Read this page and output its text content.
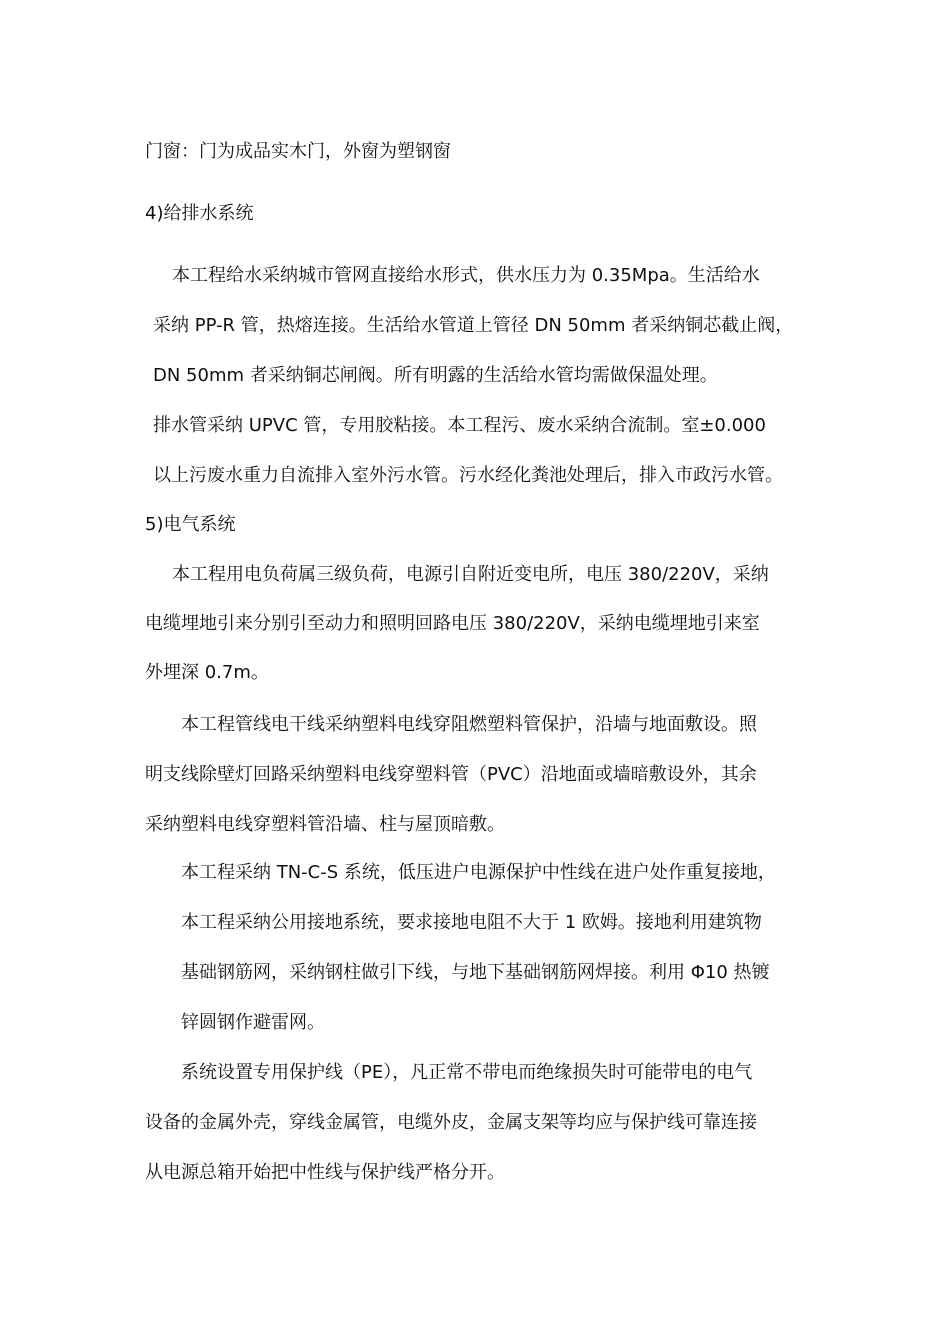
门窗：门为成品实木门，外窗为塑钢窗
4)给排水系统
本工程给水采纳城市管网直接给水形式，供水压力为 0.35Mpa。生活给水
采纳 PP-R 管，热熔连接。生活给水管道上管径 DN 50mm 者采纳铜芯截止阀，
DN 50mm 者采纳铜芯闸阀。所有明露的生活给水管均需做保温处理。
排水管采纳 UPVC 管，专用胶粘接。本工程污、废水采纳合流制。室±0.000
以上污废水重力自流排入室外污水管。污水经化粪池处理后，排入市政污水管。
5)电气系统
本工程用电负荷属三级负荷，电源引自附近变电所，电压 380/220V，采纳
电缆埋地引来分别引至动力和照明回路电压 380/220V，采纳电缆埋地引来室
外埋深 0.7m。
本工程管线电干线采纳塑料电线穿阻燃塑料管保护，沿墙与地面敷设。照
明支线除壁灯回路采纳塑料电线穿塑料管（PVC）沿地面或墙暗敷设外，其余
采纳塑料电线穿塑料管沿墙、柱与屋顶暗敷。
本工程采纳 TN-C-S 系统，低压进户电源保护中性线在进户处作重复接地，
本工程采纳公用接地系统，要求接地电阻不大于 1 欧姆。接地利用建筑物
基础钢筋网，采纳钢柱做引下线，与地下基础钢筋网焊接。利用 Φ10 热镀
锌圆钢作避雷网。
系统设置专用保护线（PE），凡正常不带电而绝缘损失时可能带电的电气
设备的金属外壳，穿线金属管，电缆外皮，金属支架等均应与保护线可靠连接
从电源总箱开始把中性线与保护线严格分开。
